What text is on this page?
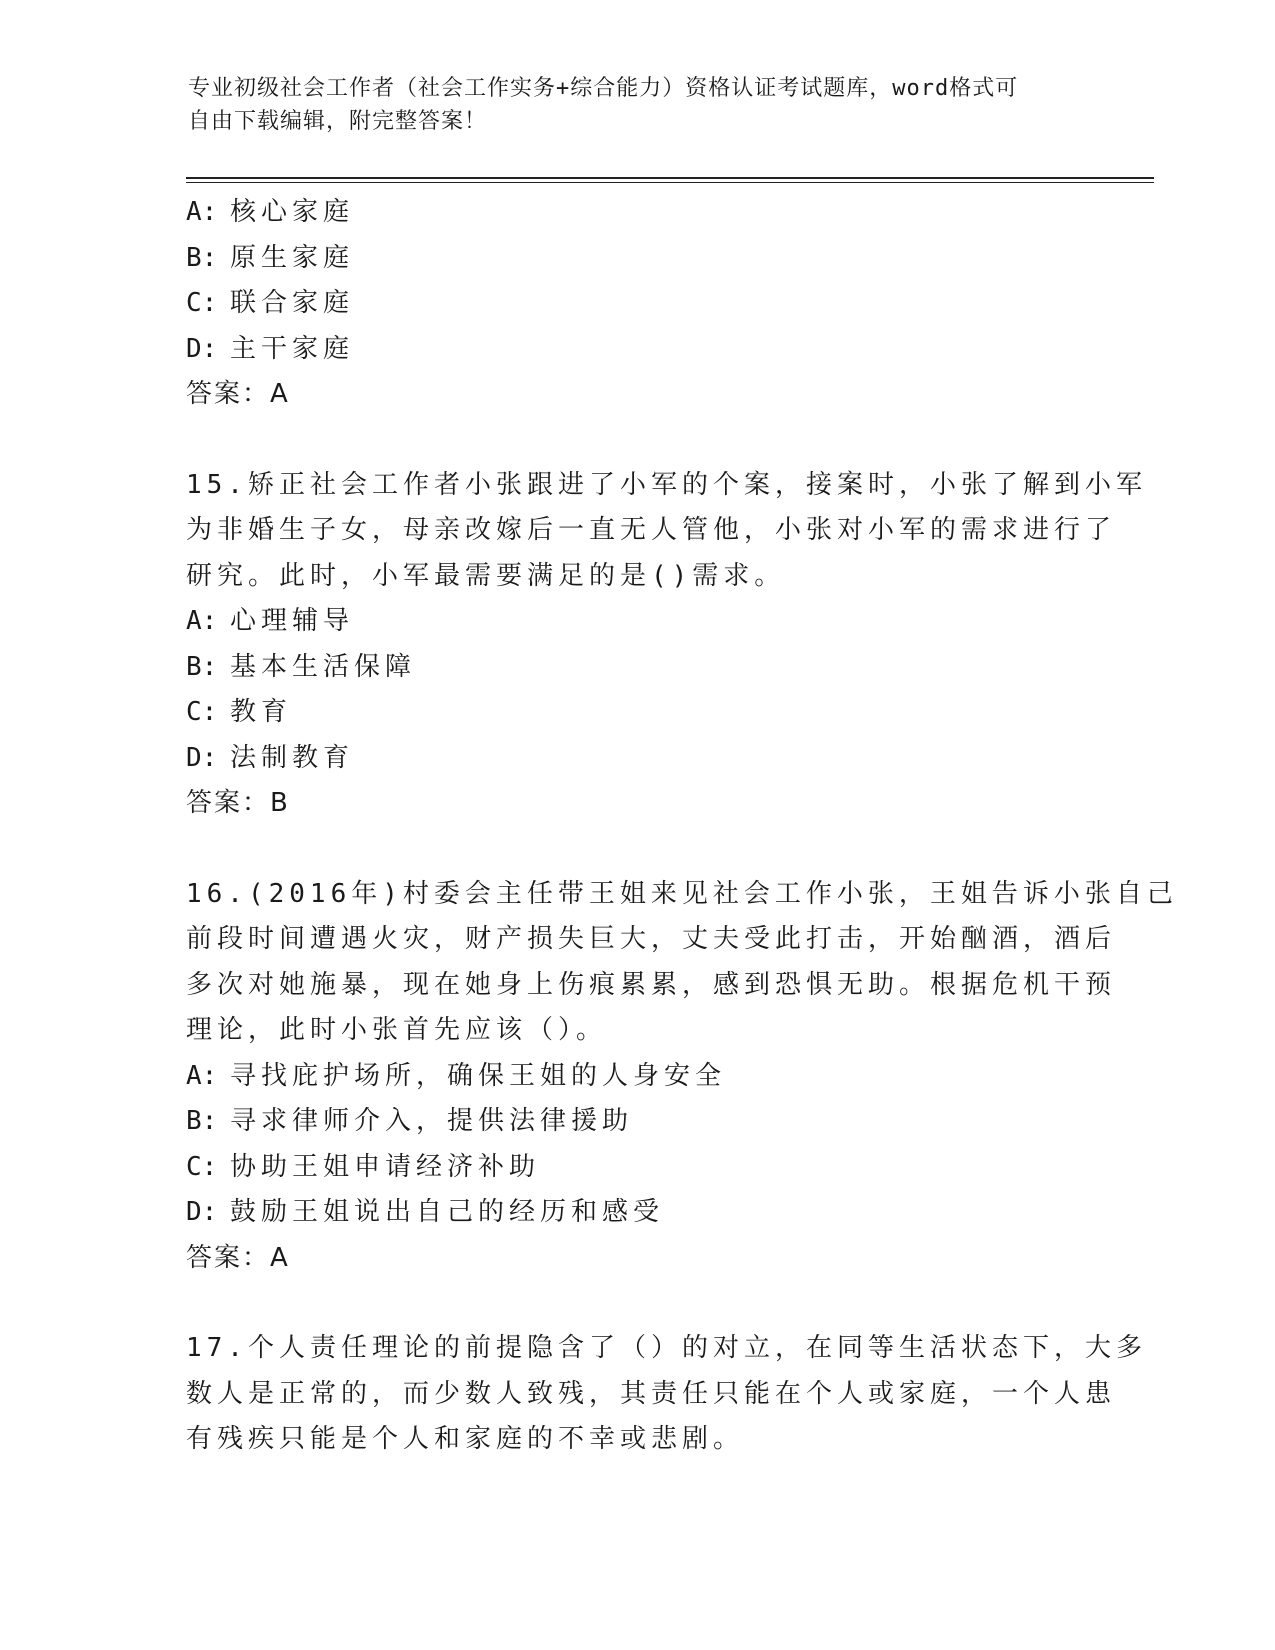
专业初级社会工作者（社会工作实务+综合能力）资格认证考试题库，word格式可
自由下载编辑，附完整答案！
A: 核心家庭
B: 原生家庭
C: 联合家庭
D: 主干家庭
答案：A
15.矫正社会工作者小张跟进了小军的个案，接案时，小张了解到小军
为非婚生子女，母亲改嫁后一直无人管他，小张对小军的需求进行了
研究。此时，小军最需要满足的是()需求。
A: 心理辅导
B: 基本生活保障
C: 教育
D: 法制教育
答案：B
16.(2016年)村委会主任带王姐来见社会工作小张，王姐告诉小张自己
前段时间遭遇火灾，财产损失巨大，丈夫受此打击，开始酗酒，酒后
多次对她施暴，现在她身上伤痕累累，感到恐惧无助。根据危机干预
理论，此时小张首先应该（）。
A: 寻找庇护场所，确保王姐的人身安全
B: 寻求律师介入，提供法律援助
C: 协助王姐申请经济补助
D: 鼓励王姐说出自己的经历和感受
答案：A
17.个人责任理论的前提隐含了（）的对立，在同等生活状态下，大多
数人是正常的，而少数人致残，其责任只能在个人或家庭，一个人患
有残疾只能是个人和家庭的不幸或悲剧。
